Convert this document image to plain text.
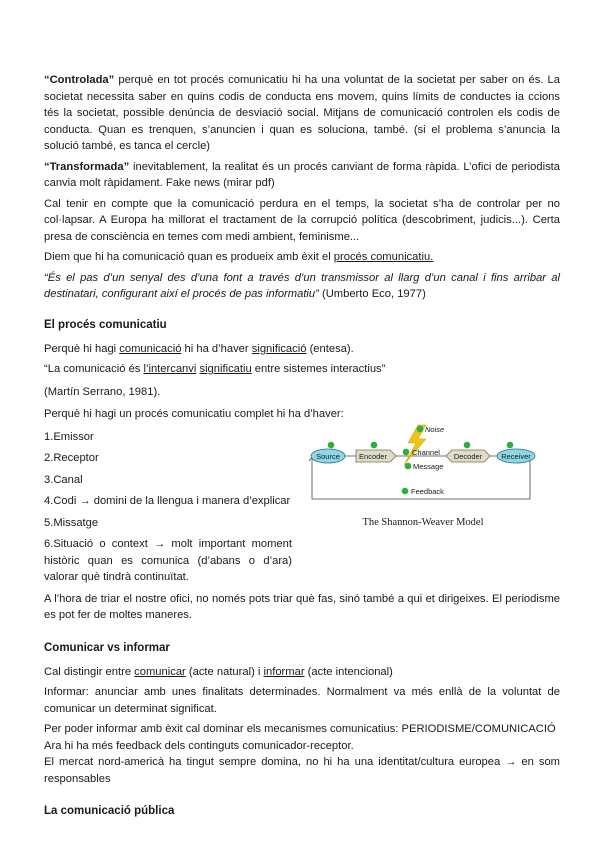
“Controlada” perquè en tot procés comunicatiu hi ha una voluntat de la societat per saber on és. La societat necessita saber en quins codis de conducta ens movem, quins límits de conductes ia ccions tés la societat, possible denúncia de desviació social. Mitjans de comunicació controlen els codis de conducta. Quan es trenquen, s’anuncien i quan es soluciona, també. (si el problema s’anuncia la solució també, es tanca el cercle)

“Transformada” inevitablement, la realitat és un procés canviant de forma ràpida. L’ofici de periodista canvia molt ràpidament. Fake news (mirar pdf)

Cal tenir en compte que la comunicació perdura en el temps, la societat s’ha de controlar per no col·lapsar. A Europa ha millorat el tractament de la corrupció política (descobriment, judicis...). Certa presa de consciència en temes com medi ambient, feminisme...

Diem que hi ha comunicació quan es produeix amb èxit el procés comunicatiu.

“És el pas d’un senyal des d’una font a través d’un transmissor al llarg d’un canal i fins arribar al destinatari, configurant així el procés de pas informatiu” (Umberto Eco, 1977)

El procés comunicatiu

Perquè hi hagi comunicació hi ha d’haver significació (entesa).

“La comunicació és l’intercanvi significatiu entre sistemes interactius”

(Martín Serrano, 1981).

Perquè hi hagi un procés comunicatiu complet hi ha d’haver:

1.Emissor

2.Receptor

3.Canal

4.Codi → domini de la llengua i manera d’explicar

5.Missatge

6.Situació o context → molt important moment històric quan es comunica (d’abans o d’ara) valorar què tindrà continuïtat.

Source	Encoder	Decoder	Receiver
Noise
Channel
Message
Feedback
The Shannon-Weaver Model

A l’hora de triar el nostre ofici, no només pots triar què fas, sinó també a qui et dirigeixes. El periodisme es pot fer de moltes maneres.

Comunicar vs informar

Cal distingir entre comunicar (acte natural) i informar (acte intencional)

Informar: anunciar amb unes finalitats determinades. Normalment va més enllà de la voluntat de comunicar un determinat significat.

Per poder informar amb èxit cal dominar els mecanismes comunicatius: PERIODISME/COMUNICACIÓ

Ara hi ha més feedback dels continguts comunicador-receptor.

El mercat nord-americà ha tingut sempre domina, no hi ha una identitat/cultura europea → en som responsables

La comunicació pública
